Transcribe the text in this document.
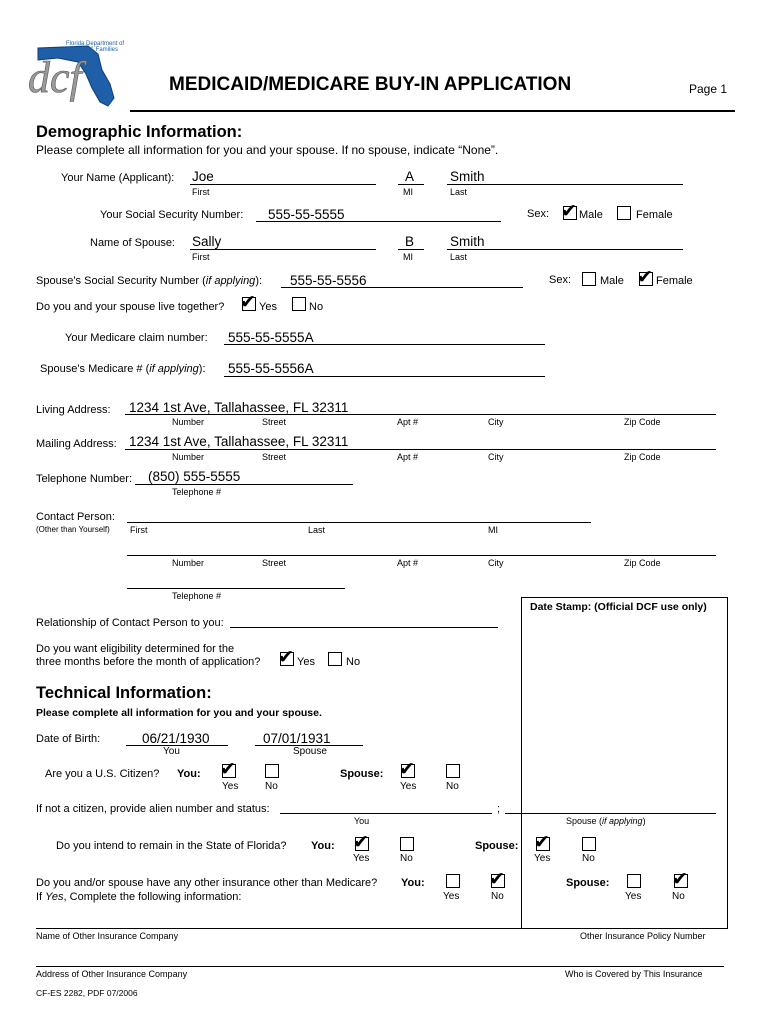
dcf
Florida Department of
Children & Families
MEDICAID/MEDICARE BUY-IN APPLICATION	Page 1
Demographic Information:
Please complete all information for you and your spouse. If no spouse, indicate “None”.
Your Name (Applicant): Joe	A	Smith
First	MI	Last
Your Social Security Number: 555-55-5555	Sex: ✔ Male	Female
Name of Spouse: Sally	B	Smith
First	MI	Last
Spouse’s Social Security Number (if applying): 555-55-5556	Sex:	Male ✔ Female
Do you and your spouse live together? ✔ Yes	No
Your Medicare claim number: 555-55-5555A
Spouse’s Medicare # (if applying): 555-55-5556A
Living Address: 1234 1st Ave, Tallahassee, FL 32311
Number	Street	Apt #	City	Zip Code
Mailing Address: 1234 1st Ave, Tallahassee, FL 32311
Number	Street	Apt #	City	Zip Code
Telephone Number: (850) 555-5555
Telephone #
Contact Person:
(Other than Yourself) First	Last	MI
Number	Street	Apt #	City	Zip Code
Telephone #
Relationship of Contact Person to you:
Do you want eligibility determined for the
three months before the month of application? ✔ Yes	No
Date Stamp: (Official DCF use only)
Technical Information:
Please complete all information for you and your spouse.
Date of Birth:	06/21/1930	07/01/1931
You	Spouse
Are you a U.S. Citizen? You: ✔
Yes	No
Spouse: ✔
Yes	No
If not a citizen, provide alien number and status:	;
You	Spouse (if applying)
Do you intend to remain in the State of Florida? You: ✔
Yes	No
Spouse: ✔
Yes	No
Do you and/or spouse have any other insurance other than Medicare?
If Yes, Complete the following information:
You:	✔
Yes	No
Spouse:	✔
Yes	No
Name of Other Insurance Company	Other Insurance Policy Number
Address of Other Insurance Company	Who is Covered by This Insurance
CF-ES 2282, PDF 07/2006
